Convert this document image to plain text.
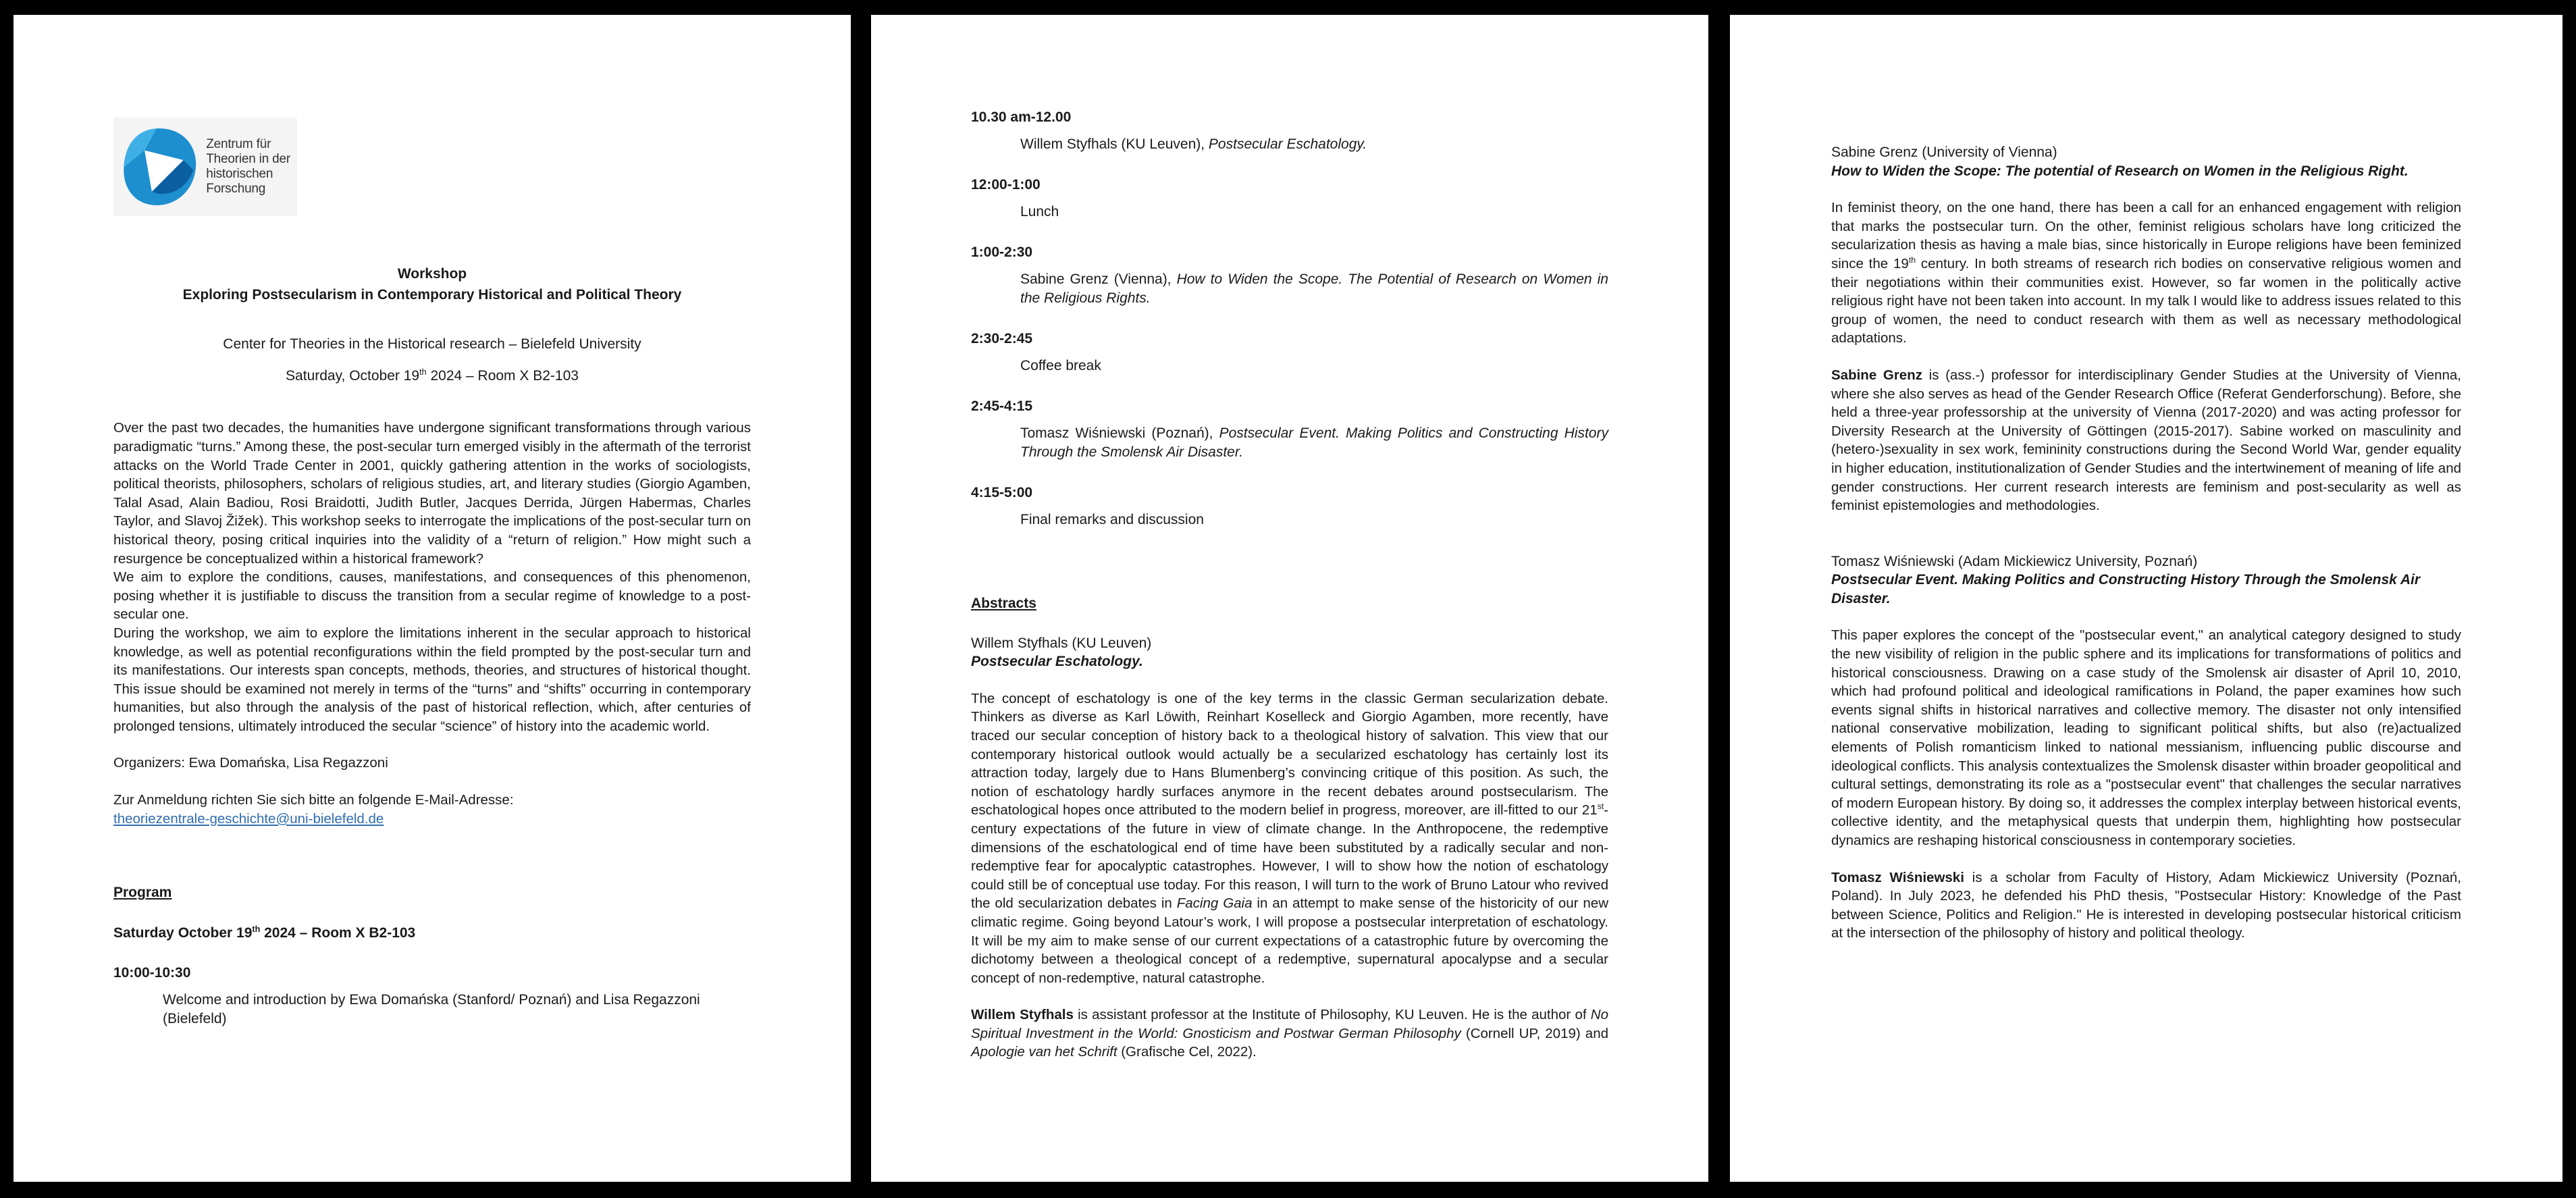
Zentrum für
Theorien in der
historischen
Forschung

Workshop

Exploring Postsecularism in Contemporary Historical and Political Theory

Center for Theories in the Historical research – Bielefeld University

Saturday, October 19th 2024 – Room X B2-103

Over the past two decades, the humanities have undergone significant transformations through various paradigmatic “turns.” Among these, the post-secular turn emerged visibly in the aftermath of the terrorist attacks on the World Trade Center in 2001, quickly gathering attention in the works of sociologists, political theorists, philosophers, scholars of religious studies, art, and literary studies (Giorgio Agamben, Talal Asad, Alain Badiou, Rosi Braidotti, Judith Butler, Jacques Derrida, Jürgen Habermas, Charles Taylor, and Slavoj Žižek). This workshop seeks to interrogate the implications of the post-secular turn on historical theory, posing critical inquiries into the validity of a “return of religion.” How might such a resurgence be conceptualized within a historical framework?

We aim to explore the conditions, causes, manifestations, and consequences of this phenomenon, posing whether it is justifiable to discuss the transition from a secular regime of knowledge to a post-secular one.

During the workshop, we aim to explore the limitations inherent in the secular approach to historical knowledge, as well as potential reconfigurations within the field prompted by the post-secular turn and its manifestations. Our interests span concepts, methods, theories, and structures of historical thought. This issue should be examined not merely in terms of the “turns” and “shifts” occurring in contemporary humanities, but also through the analysis of the past of historical reflection, which, after centuries of prolonged tensions, ultimately introduced the secular “science” of history into the academic world.

Organizers: Ewa Domańska, Lisa Regazzoni

Zur Anmeldung richten Sie sich bitte an folgende E-Mail-Adresse:

theoriezentrale-geschichte@uni-bielefeld.de

Program

Saturday October 19th 2024 – Room X B2-103

10:00-10:30

Welcome and introduction by Ewa Domańska (Stanford/ Poznań) and Lisa Regazzoni (Bielefeld)

10.30 am-12.00

Willem Styfhals (KU Leuven), Postsecular Eschatology.

12:00-1:00

Lunch

1:00-2:30

Sabine Grenz (Vienna), How to Widen the Scope. The Potential of Research on Women in the Religious Rights.

2:30-2:45

Coffee break

2:45-4:15

Tomasz Wiśniewski (Poznań), Postsecular Event. Making Politics and Constructing History Through the Smolensk Air Disaster.

4:15-5:00

Final remarks and discussion

Abstracts

Willem Styfhals (KU Leuven)

Postsecular Eschatology.

The concept of eschatology is one of the key terms in the classic German secularization debate. Thinkers as diverse as Karl Löwith, Reinhart Koselleck and Giorgio Agamben, more recently, have traced our secular conception of history back to a theological history of salvation. This view that our contemporary historical outlook would actually be a secularized eschatology has certainly lost its attraction today, largely due to Hans Blumenberg’s convincing critique of this position. As such, the notion of eschatology hardly surfaces anymore in the recent debates around postsecularism. The eschatological hopes once attributed to the modern belief in progress, moreover, are ill-fitted to our 21st-century expectations of the future in view of climate change. In the Anthropocene, the redemptive dimensions of the eschatological end of time have been substituted by a radically secular and non-redemptive fear for apocalyptic catastrophes. However, I will to show how the notion of eschatology could still be of conceptual use today. For this reason, I will turn to the work of Bruno Latour who revived the old secularization debates in Facing Gaia in an attempt to make sense of the historicity of our new climatic regime. Going beyond Latour’s work, I will propose a postsecular interpretation of eschatology. It will be my aim to make sense of our current expectations of a catastrophic future by overcoming the dichotomy between a theological concept of a redemptive, supernatural apocalypse and a secular concept of non-redemptive, natural catastrophe.

Willem Styfhals is assistant professor at the Institute of Philosophy, KU Leuven. He is the author of No Spiritual Investment in the World: Gnosticism and Postwar German Philosophy (Cornell UP, 2019) and Apologie van het Schrift (Grafische Cel, 2022).

Sabine Grenz (University of Vienna)

How to Widen the Scope: The potential of Research on Women in the Religious Right.

In feminist theory, on the one hand, there has been a call for an enhanced engagement with religion that marks the postsecular turn. On the other, feminist religious scholars have long criticized the secularization thesis as having a male bias, since historically in Europe religions have been feminized since the 19th century. In both streams of research rich bodies on conservative religious women and their negotiations within their communities exist. However, so far women in the politically active religious right have not been taken into account. In my talk I would like to address issues related to this group of women, the need to conduct research with them as well as necessary methodological adaptations.

Sabine Grenz is (ass.-) professor for interdisciplinary Gender Studies at the University of Vienna, where she also serves as head of the Gender Research Office (Referat Genderforschung). Before, she held a three-year professorship at the university of Vienna (2017-2020) and was acting professor for Diversity Research at the University of Göttingen (2015-2017). Sabine worked on masculinity and (hetero-)sexuality in sex work, femininity constructions during the Second World War, gender equality in higher education, institutionalization of Gender Studies and the intertwinement of meaning of life and gender constructions. Her current research interests are feminism and post-secularity as well as feminist epistemologies and methodologies.

Tomasz Wiśniewski (Adam Mickiewicz University, Poznań)

Postsecular Event. Making Politics and Constructing History Through the Smolensk Air Disaster.

This paper explores the concept of the "postsecular event," an analytical category designed to study the new visibility of religion in the public sphere and its implications for transformations of politics and historical consciousness. Drawing on a case study of the Smolensk air disaster of April 10, 2010, which had profound political and ideological ramifications in Poland, the paper examines how such events signal shifts in historical narratives and collective memory. The disaster not only intensified national conservative mobilization, leading to significant political shifts, but also (re)actualized elements of Polish romanticism linked to national messianism, influencing public discourse and ideological conflicts. This analysis contextualizes the Smolensk disaster within broader geopolitical and cultural settings, demonstrating its role as a "postsecular event" that challenges the secular narratives of modern European history. By doing so, it addresses the complex interplay between historical events, collective identity, and the metaphysical quests that underpin them, highlighting how postsecular dynamics are reshaping historical consciousness in contemporary societies.

Tomasz Wiśniewski is a scholar from Faculty of History, Adam Mickiewicz University (Poznań, Poland). In July 2023, he defended his PhD thesis, "Postsecular History: Knowledge of the Past between Science, Politics and Religion." He is interested in developing postsecular historical criticism at the intersection of the philosophy of history and political theology.
